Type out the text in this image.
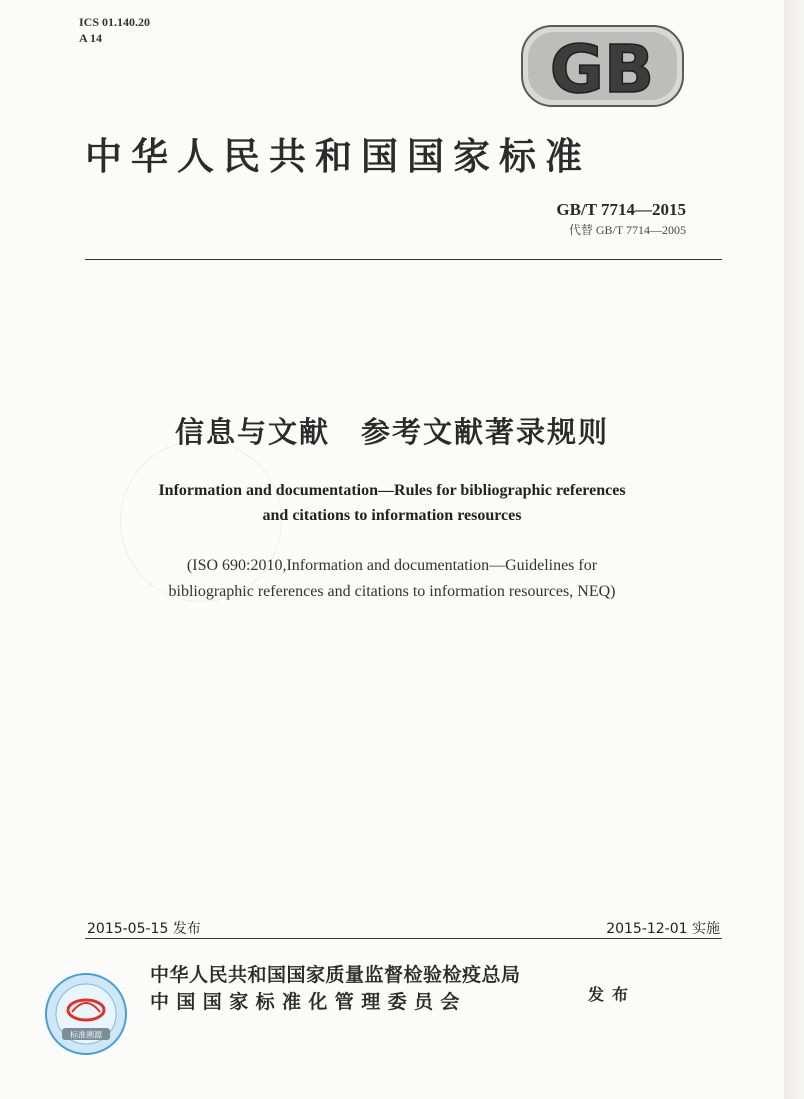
ICS 01.140.20
A 14	GB
中华人民共和国国家标准
GB/T 7714—2015
代替 GB/T 7714—2005
信息与文献　参考文献著录规则
Information and documentation—Rules for bibliographic references
and citations to information resources
(ISO 690:2010,Information and documentation—Guidelines for
bibliographic references and citations to information resources, NEQ)
2015-05-15 发布	2015-12-01 实施
标准溯源
中华人民共和国国家质量监督检验检疫总局
中国国家标准化管理委员会	发布
